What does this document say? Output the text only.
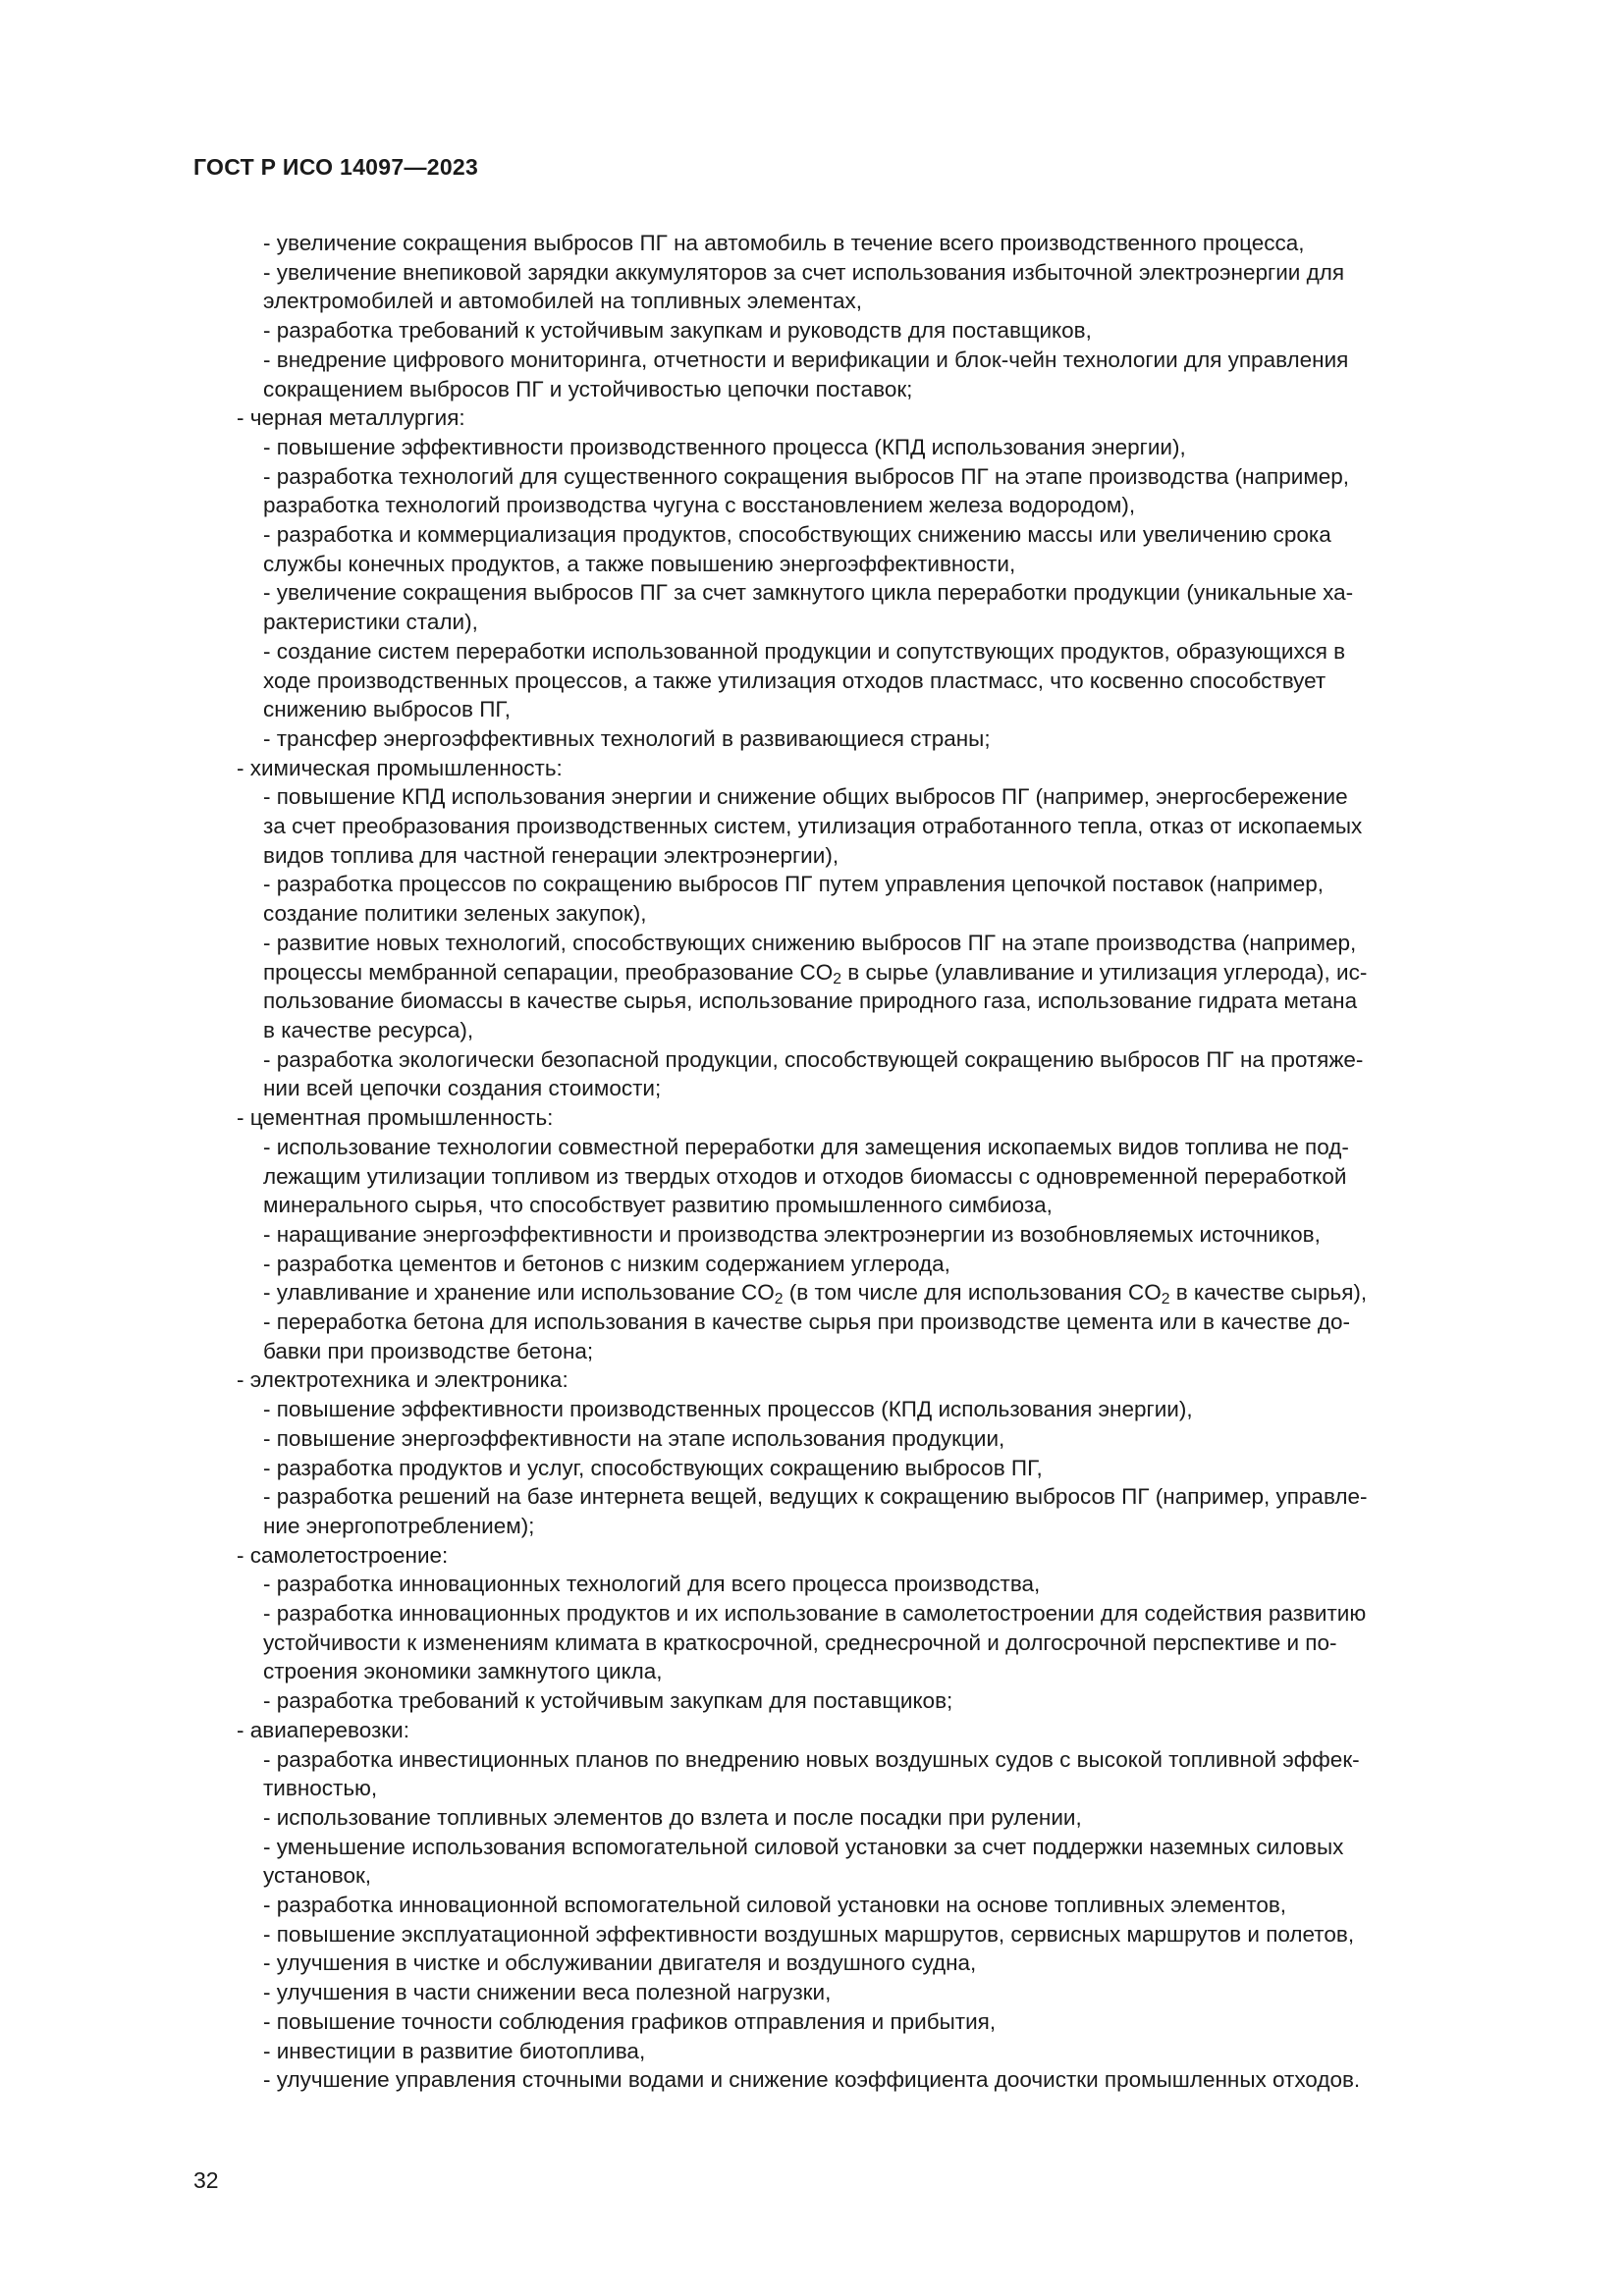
ГОСТ Р ИСО 14097—2023
- увеличение сокращения выбросов ПГ на автомобиль в течение всего производственного процесса,
- увеличение внепиковой зарядки аккумуляторов за счет использования избыточной электроэнергии для
электромобилей и автомобилей на топливных элементах,
- разработка требований к устойчивым закупкам и руководств для поставщиков,
- внедрение цифрового мониторинга, отчетности и верификации и блок-чейн технологии для управления
сокращением выбросов ПГ и устойчивостью цепочки поставок;
- черная металлургия:
- повышение эффективности производственного процесса (КПД использования энергии),
- разработка технологий для существенного сокращения выбросов ПГ на этапе производства (например,
разработка технологий производства чугуна с восстановлением железа водородом),
- разработка и коммерциализация продуктов, способствующих снижению массы или увеличению срока
службы конечных продуктов, а также повышению энергоэффективности,
- увеличение сокращения выбросов ПГ за счет замкнутого цикла переработки продукции (уникальные ха-
рактеристики стали),
- создание систем переработки использованной продукции и сопутствующих продуктов, образующихся в
ходе производственных процессов, а также утилизация отходов пластмасс, что косвенно способствует
снижению выбросов ПГ,
- трансфер энергоэффективных технологий в развивающиеся страны;
- химическая промышленность:
- повышение КПД использования энергии и снижение общих выбросов ПГ (например, энергосбережение
за счет преобразования производственных систем, утилизация отработанного тепла, отказ от ископаемых
видов топлива для частной генерации электроэнергии),
- разработка процессов по сокращению выбросов ПГ путем управления цепочкой поставок (например,
создание политики зеленых закупок),
- развитие новых технологий, способствующих снижению выбросов ПГ на этапе производства (например,
процессы мембранной сепарации, преобразование $CO_2$ в сырье (улавливание и утилизация углерода), ис-
пользование биомассы в качестве сырья, использование природного газа, использование гидрата метана
в качестве ресурса),
- разработка экологически безопасной продукции, способствующей сокращению выбросов ПГ на протяже-
нии всей цепочки создания стоимости;
- цементная промышленность:
- использование технологии совместной переработки для замещения ископаемых видов топлива не под-
лежащим утилизации топливом из твердых отходов и отходов биомассы с одновременной переработкой
минерального сырья, что способствует развитию промышленного симбиоза,
- наращивание энергоэффективности и производства электроэнергии из возобновляемых источников,
- разработка цементов и бетонов с низким содержанием углерода,
- улавливание и хранение или использование $CO_2$ (в том числе для использования $CO_2$ в качестве сырья),
- переработка бетона для использования в качестве сырья при производстве цемента или в качестве до-
бавки при производстве бетона;
- электротехника и электроника:
- повышение эффективности производственных процессов (КПД использования энергии),
- повышение энергоэффективности на этапе использования продукции,
- разработка продуктов и услуг, способствующих сокращению выбросов ПГ,
- разработка решений на базе интернета вещей, ведущих к сокращению выбросов ПГ (например, управле-
ние энергопотреблением);
- самолетостроение:
- разработка инновационных технологий для всего процесса производства,
- разработка инновационных продуктов и их использование в самолетостроении для содействия развитию
устойчивости к изменениям климата в краткосрочной, среднесрочной и долгосрочной перспективе и по-
строения экономики замкнутого цикла,
- разработка требований к устойчивым закупкам для поставщиков;
- авиаперевозки:
- разработка инвестиционных планов по внедрению новых воздушных судов с высокой топливной эффек-
тивностью,
- использование топливных элементов до взлета и после посадки при рулении,
- уменьшение использования вспомогательной силовой установки за счет поддержки наземных силовых
установок,
- разработка инновационной вспомогательной силовой установки на основе топливных элементов,
- повышение эксплуатационной эффективности воздушных маршрутов, сервисных маршрутов и полетов,
- улучшения в чистке и обслуживании двигателя и воздушного судна,
- улучшения в части снижении веса полезной нагрузки,
- повышение точности соблюдения графиков отправления и прибытия,
- инвестиции в развитие биотоплива,
- улучшение управления сточными водами и снижение коэффициента доочистки промышленных отходов.
32
